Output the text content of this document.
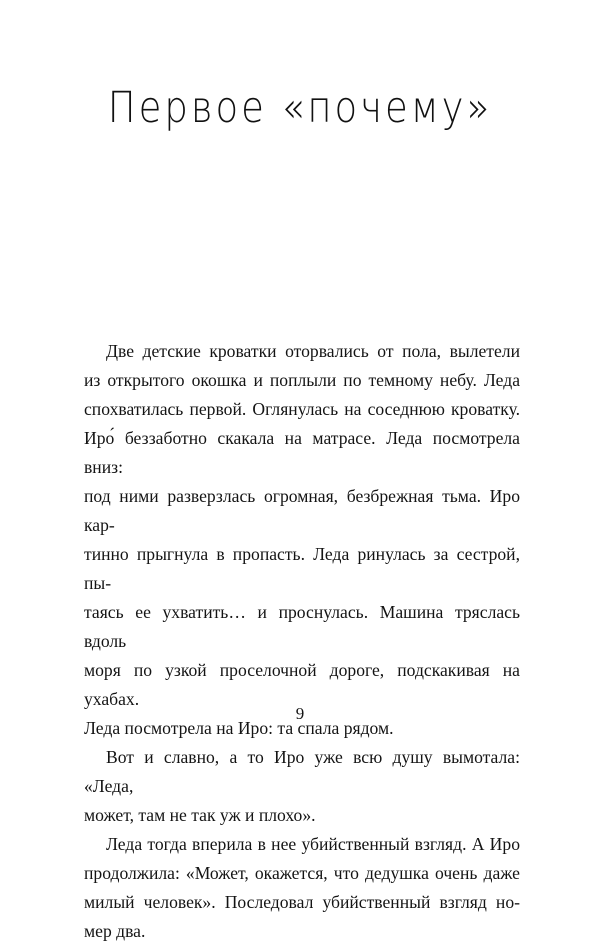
Первое «почему»

Две детские кроватки оторвались от пола, вылетели

из открытого окошка и поплыли по темному небу. Леда

спохватилась первой. Оглянулась на соседнюю кроватку.

Иро́ беззаботно скакала на матрасе. Леда посмотрела вниз:

под ними разверзлась огромная, безбрежная тьма. Иро кар-

тинно прыгнула в пропасть. Леда ринулась за сестрой, пы-

таясь ее ухватить… и проснулась. Машина тряслась вдоль

моря по узкой проселочной дороге, подскакивая на ухабах.

Леда посмотрела на Иро: та спала рядом.

Вот и славно, а то Иро уже всю душу вымотала: «Леда,

может, там не так уж и плохо».

Леда тогда вперила в нее убийственный взгляд. А Иро

продолжила: «Может, окажется, что дедушка очень даже

милый человек». Последовал убийственный взгляд но-

мер два.

9
